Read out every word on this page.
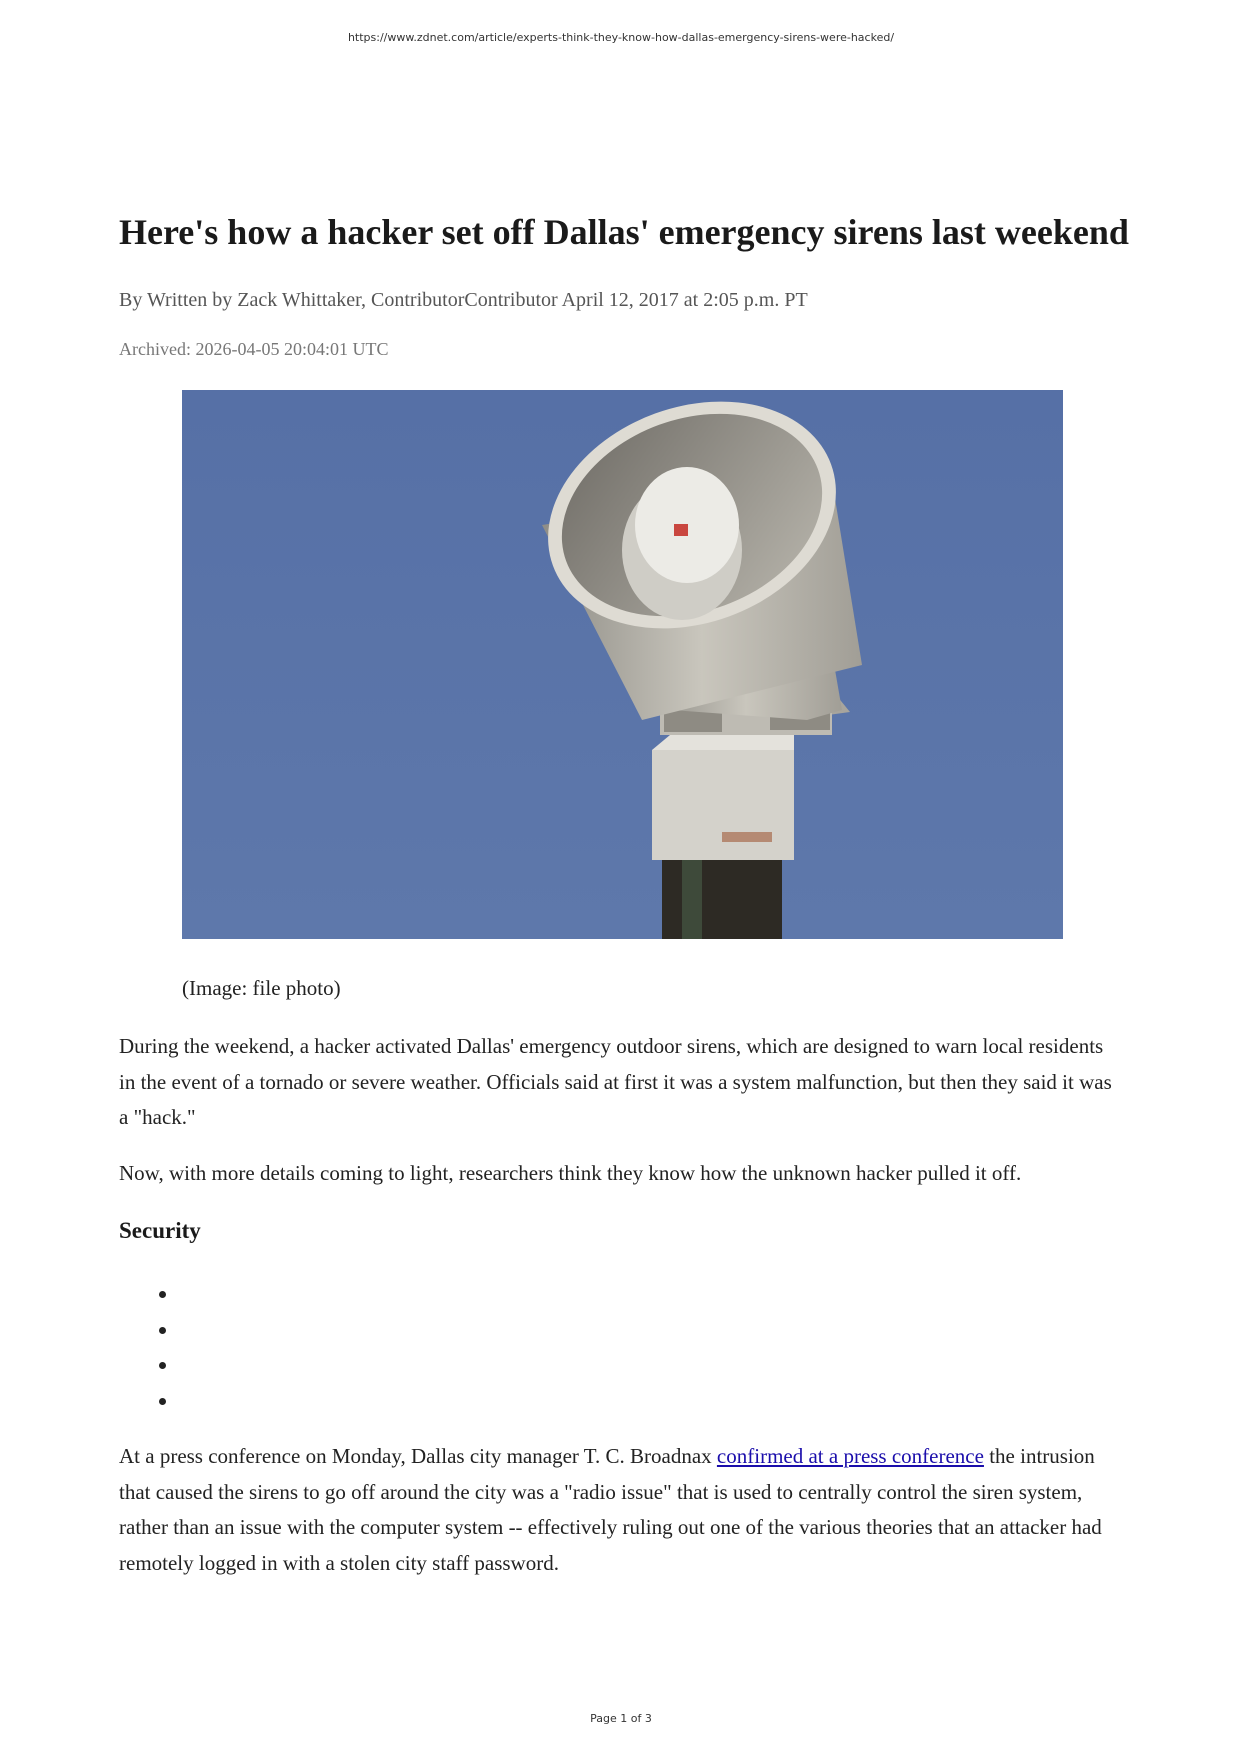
https://www.zdnet.com/article/experts-think-they-know-how-dallas-emergency-sirens-were-hacked/
Here's how a hacker set off Dallas' emergency sirens last weekend
By Written by Zack Whittaker, ContributorContributor April 12, 2017 at 2:05 p.m. PT
Archived: 2026-04-05 20:04:01 UTC
(Image: file photo)

During the weekend, a hacker activated Dallas' emergency outdoor sirens, which are designed to warn local residents in the event of a tornado or severe weather. Officials said at first it was a system malfunction, but then they said it was a "hack."

Now, with more details coming to light, researchers think they know how the unknown hacker pulled it off.

Security

At a press conference on Monday, Dallas city manager T. C. Broadnax confirmed at a press conference the intrusion that caused the sirens to go off around the city was a "radio issue" that is used to centrally control the siren system, rather than an issue with the computer system -- effectively ruling out one of the various theories that an attacker had remotely logged in with a stolen city staff password.

Page 1 of 3
